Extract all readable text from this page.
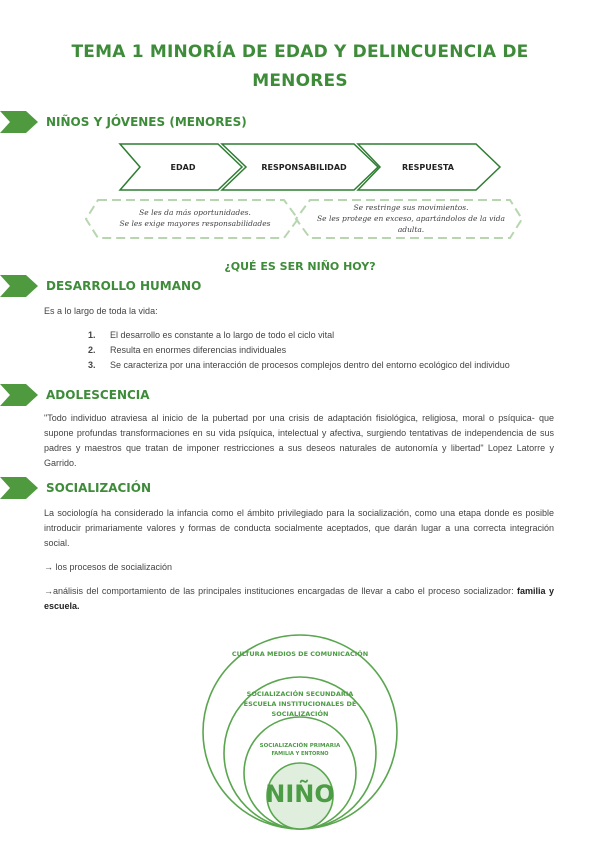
TEMA 1 MINORÍA DE EDAD Y DELINCUENCIA DE
MENORES
NIÑOS Y JÓVENES (MENORES)
EDAD	RESPONSABILIDAD	RESPUESTA
Se les da más oportunidades.
Se les exige mayores responsabilidades
Se restringe sus movimientos.
Se les protege en exceso, apartándolos de la vida
adulta.
¿QUÉ ES SER NIÑO HOY?
DESARROLLO HUMANO
Es a lo largo de toda la vida:
1.	El desarrollo es constante a lo largo de todo el ciclo vital
2.	Resulta en enormes diferencias individuales
3.	Se caracteriza por una interacción de procesos complejos dentro del entorno ecológico del individuo
ADOLESCENCIA
"Todo individuo atraviesa al inicio de la pubertad por una crisis de adaptación fisiológica, religiosa, moral o psíquica- que supone profundas transformaciones en su vida psíquica, intelectual y afectiva, surgiendo tentativas de independencia de sus padres y maestros que tratan de imponer restricciones a sus deseos naturales de autonomía y libertad" Lopez Latorre y Garrido.
SOCIALIZACIÓN
La sociología ha considerado la infancia como el ámbito privilegiado para la socialización, como una etapa donde es posible introducir primariamente valores y formas de conducta socialmente aceptados, que darán lugar a una correcta integración social.
→ los procesos de socialización
→análisis del comportamiento de las principales instituciones encargadas de llevar a cabo el proceso socializador: familia y escuela.
CULTURA MEDIOS DE COMUNICACIÓN
SOCIALIZACIÓN SECUNDARIA
ESCUELA INSTITUCIONALES DE
SOCIALIZACIÓN
SOCIALIZACIÓN PRIMARIA
FAMILIA Y ENTORNO
NIÑO
